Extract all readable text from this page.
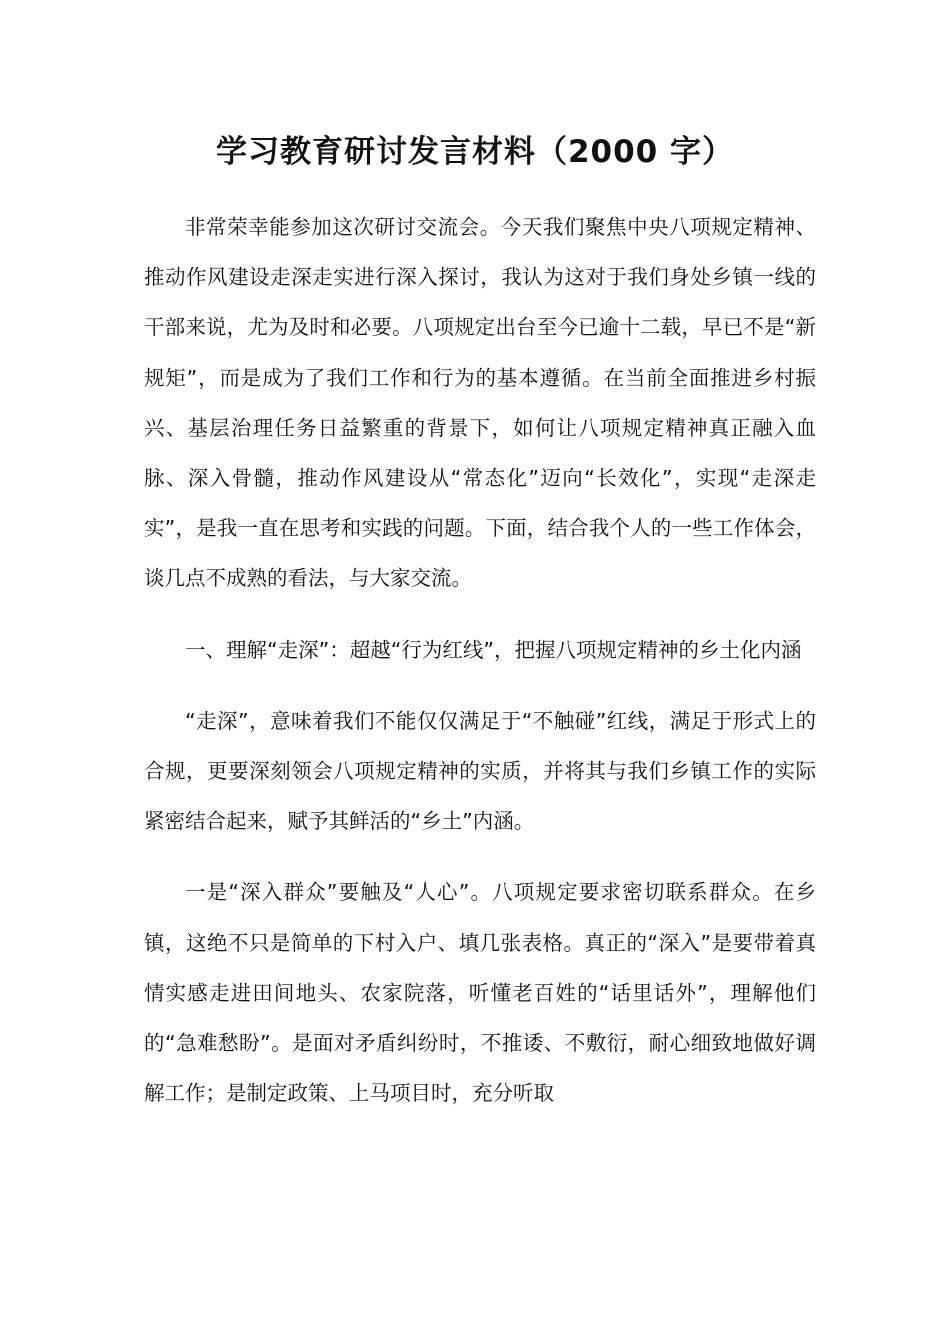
学习教育研讨发言材料（2000 字）

非常荣幸能参加这次研讨交流会。今天我们聚焦中央八项规定精神、推动作风建设走深走实进行深入探讨，我认为这对于我们身处乡镇一线的干部来说，尤为及时和必要。八项规定出台至今已逾十二载，早已不是“新规矩”，而是成为了我们工作和行为的基本遵循。在当前全面推进乡村振兴、基层治理任务日益繁重的背景下，如何让八项规定精神真正融入血脉、深入骨髓，推动作风建设从“常态化”迈向“长效化”，实现“走深走实”，是我一直在思考和实践的问题。下面，结合我个人的一些工作体会，谈几点不成熟的看法，与大家交流。

一、理解“走深”：超越“行为红线”，把握八项规定精神的乡土化内涵

“走深”，意味着我们不能仅仅满足于“不触碰”红线，满足于形式上的合规，更要深刻领会八项规定精神的实质，并将其与我们乡镇工作的实际紧密结合起来，赋予其鲜活的“乡土”内涵。

一是“深入群众”要触及“人心”。八项规定要求密切联系群众。在乡镇，这绝不只是简单的下村入户、填几张表格。真正的“深入”是要带着真情实感走进田间地头、农家院落，听懂老百姓的“话里话外”，理解他们的“急难愁盼”。是面对矛盾纠纷时，不推诿、不敷衍，耐心细致地做好调解工作；是制定政策、上马项目时，充分听取
